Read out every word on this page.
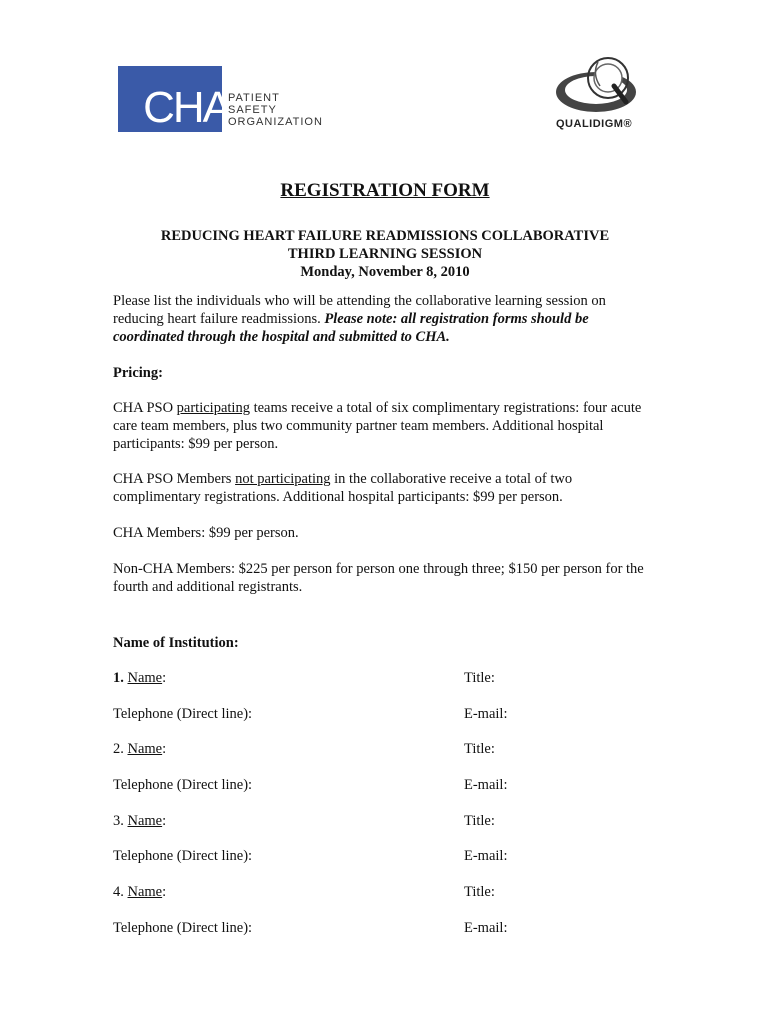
CHA
PATIENT
SAFETY
ORGANIZATION	QUALIDIGM®
REGISTRATION FORM
REDUCING HEART FAILURE READMISSIONS COLLABORATIVE
THIRD LEARNING SESSION
Monday, November 8, 2010
Please list the individuals who will be attending the collaborative learning session on reducing heart failure readmissions. Please note: all registration forms should be coordinated through the hospital and submitted to CHA.
Pricing:
CHA PSO participating teams receive a total of six complimentary registrations: four acute care team members, plus two community partner team members. Additional hospital participants: $99 per person.
CHA PSO Members not participating in the collaborative receive a total of two complimentary registrations. Additional hospital participants: $99 per person.
CHA Members: $99 per person.
Non-CHA Members: $225 per person for person one through three; $150 per person for the fourth and additional registrants.
Name of Institution:
1. Name:	Title:
Telephone (Direct line):	E-mail:
2. Name:	Title:
Telephone (Direct line):	E-mail:
3. Name:	Title:
Telephone (Direct line):	E-mail:
4. Name:	Title:
Telephone (Direct line):	E-mail:
